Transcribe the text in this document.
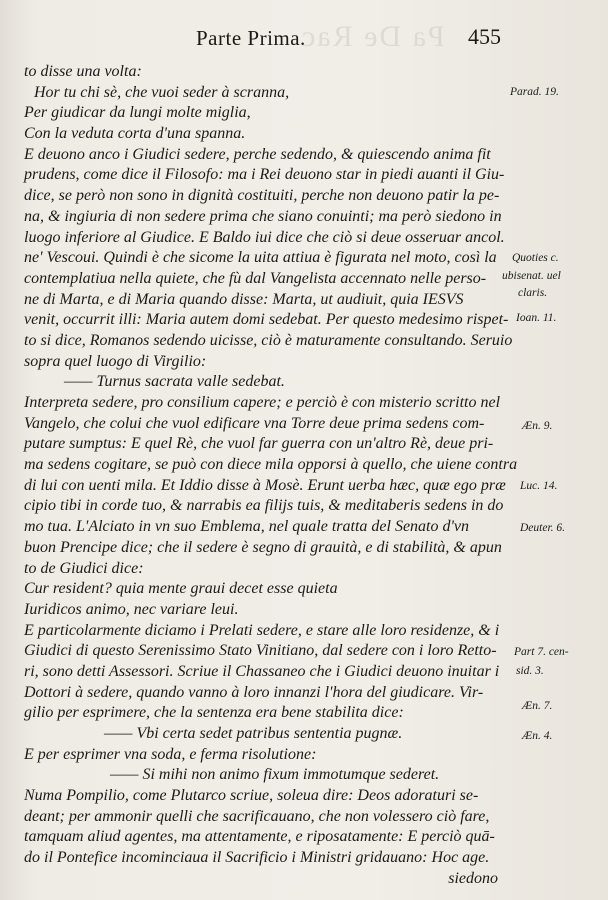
Pa De Rac
Parte Prima.	455
to disse una volta:
Hor tu chi sè, che vuoi seder à scranna,
Per giudicar da lungi molte miglia,
Con la veduta corta d'una spanna.
E deuono anco i Giudici sedere, perche sedendo, & quiescendo anima fit
prudens, come dice il Filosofo: ma i Rei deuono star in piedi auanti il Giu-
dice, se però non sono in dignità costituiti, perche non deuono patir la pe-
na, & ingiuria di non sedere prima che siano conuinti; ma però siedono in
luogo inferiore al Giudice. E Baldo iui dice che ciò si deue osseruar ancol.
ne' Vescoui. Quindi è che sicome la uita attiua è figurata nel moto, così la
contemplatiua nella quiete, che fù dal Vangelista accennato nelle perso-
ne di Marta, e di Maria quando disse: Marta, ut audiuit, quia IESVS
venit, occurrit illi: Maria autem domi sedebat. Per questo medesimo rispet-
to si dice, Romanos sedendo uicisse, ciò è maturamente consultando. Seruio
sopra quel luogo di Virgilio:
—— Turnus sacrata valle sedebat.
Interpreta sedere, pro consilium capere; e perciò è con misterio scritto nel
Vangelo, che colui che vuol edificare vna Torre deue prima sedens com-
putare sumptus: E quel Rè, che vuol far guerra con un'altro Rè, deue pri-
ma sedens cogitare, se può con diece mila opporsi à quello, che uiene contra
di lui con uenti mila. Et Iddio disse à Mosè. Erunt uerba hæc, quæ ego præ
cipio tibi in corde tuo, & narrabis ea filijs tuis, & meditaberis sedens in do
mo tua. L'Alciato in vn suo Emblema, nel quale tratta del Senato d'vn
buon Prencipe dice; che il sedere è segno di grauità, e di stabilità, & apun
to de Giudici dice:
Cur resident? quia mente graui decet esse quieta
Iuridicos animo, nec variare leui.
E particolarmente diciamo i Prelati sedere, e stare alle loro residenze, & i
Giudici di questo Serenissimo Stato Vinitiano, dal sedere con i loro Retto-
ri, sono detti Assessori. Scriue il Chassaneo che i Giudici deuono inuitar i
Dottori à sedere, quando vanno à loro innanzi l'hora del giudicare. Vir-
gilio per esprimere, che la sentenza era bene stabilita dice:
—— Vbi certa sedet patribus sententia pugnæ.
E per esprimer vna soda, e ferma risolutione:
—— Si mihi non animo fixum immotumque sederet.
Numa Pompilio, come Plutarco scriue, soleua dire: Deos adoraturi se-
deant; per ammonir quelli che sacrificauano, che non volessero ciò fare,
tamquam aliud agentes, ma attentamente, e riposatamente: E perciò quā-
do il Pontefice incominciaua il Sacrificio i Ministri gridauano: Hoc age.
siedono
Parad. 19.
Quoties c.
ubisenat. uel
claris.
Ioan. 11.
Æn. 9.
Luc. 14.
Deuter. 6.
Part 7. cen-
sid. 3.
Æn. 7.
Æn. 4.
